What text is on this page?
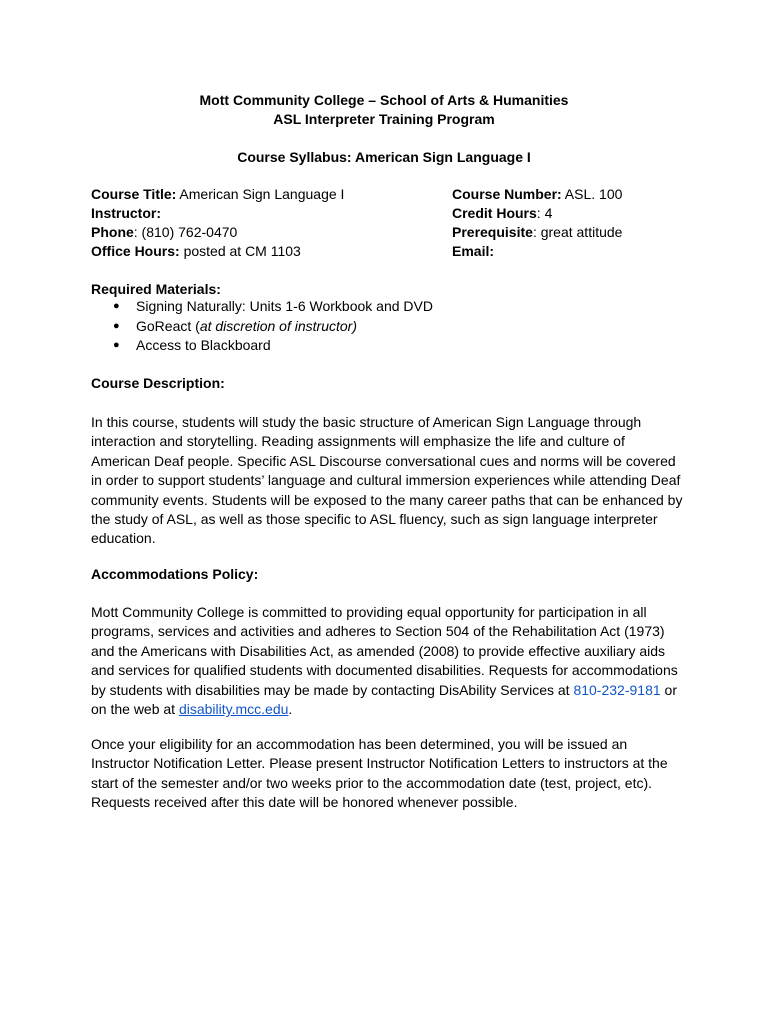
Mott Community College – School of Arts & Humanities
ASL Interpreter Training Program
Course Syllabus: American Sign Language I
Course Title: American Sign Language I
Instructor:
Phone: (810) 762-0470
Office Hours: posted at CM 1103
Course Number: ASL. 100
Credit Hours: 4
Prerequisite: great attitude
Email:
Required Materials:
● Signing Naturally: Units 1-6 Workbook and DVD
● GoReact (at discretion of instructor)
● Access to Blackboard
Course Description:

In this course, students will study the basic structure of American Sign Language through
interaction and storytelling. Reading assignments will emphasize the life and culture of
American Deaf people. Specific ASL Discourse conversational cues and norms will be covered
in order to support students’ language and cultural immersion experiences while attending Deaf
community events. Students will be exposed to the many career paths that can be enhanced by
the study of ASL, as well as those specific to ASL fluency, such as sign language interpreter
education.

Accommodations Policy:

Mott Community College is committed to providing equal opportunity for participation in all
programs, services and activities and adheres to Section 504 of the Rehabilitation Act (1973)
and the Americans with Disabilities Act, as amended (2008) to provide effective auxiliary aids
and services for qualified students with documented disabilities. Requests for accommodations
by students with disabilities may be made by contacting DisAbility Services at 810-232-9181 or
on the web at disability.mcc.edu.

Once your eligibility for an accommodation has been determined, you will be issued an
Instructor Notification Letter. Please present Instructor Notification Letters to instructors at the
start of the semester and/or two weeks prior to the accommodation date (test, project, etc).
Requests received after this date will be honored whenever possible.
